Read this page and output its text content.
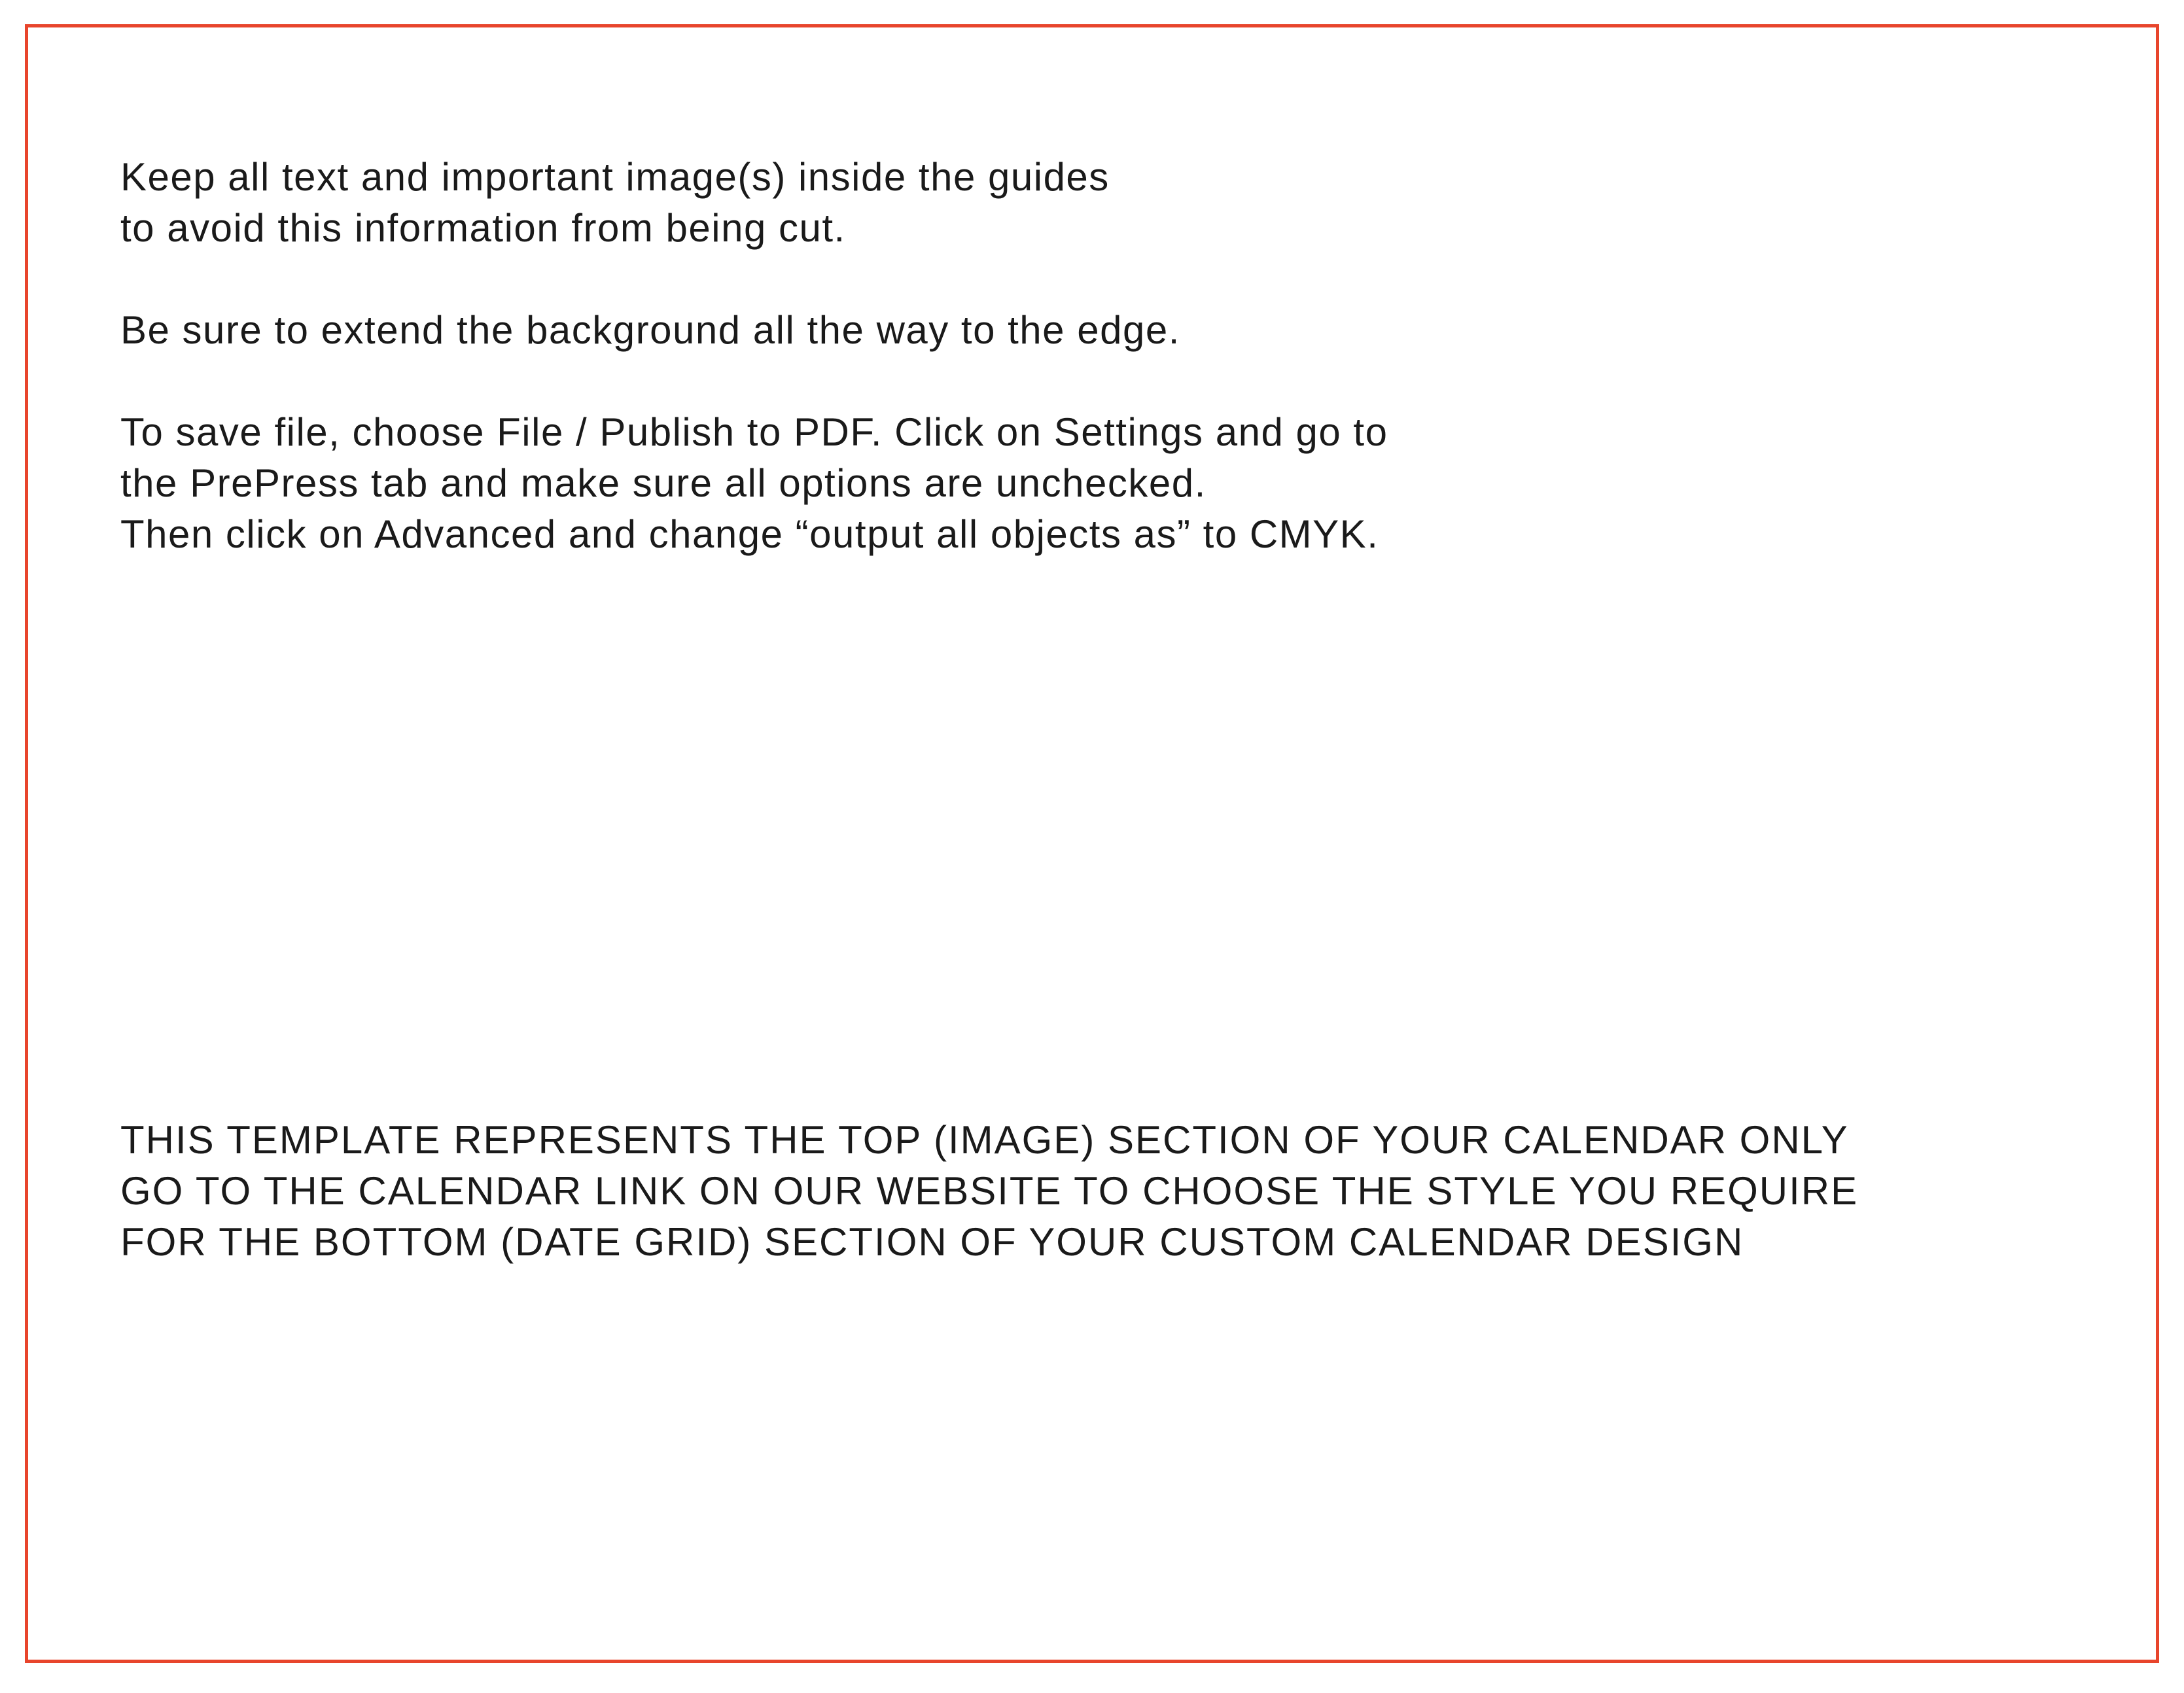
Keep all text and important image(s) inside the guides
to avoid this information from being cut.
Be sure to extend the background all the way to the edge.
To save file, choose File / Publish to PDF. Click on Settings and go to
the PrePress tab and make sure all options are unchecked.
Then click on Advanced and change “output all objects as” to CMYK.
THIS TEMPLATE REPRESENTS THE TOP (IMAGE) SECTION OF YOUR CALENDAR ONLY
GO TO THE CALENDAR LINK ON OUR WEBSITE TO CHOOSE THE STYLE YOU REQUIRE
FOR THE BOTTOM (DATE GRID) SECTION OF YOUR CUSTOM CALENDAR DESIGN
